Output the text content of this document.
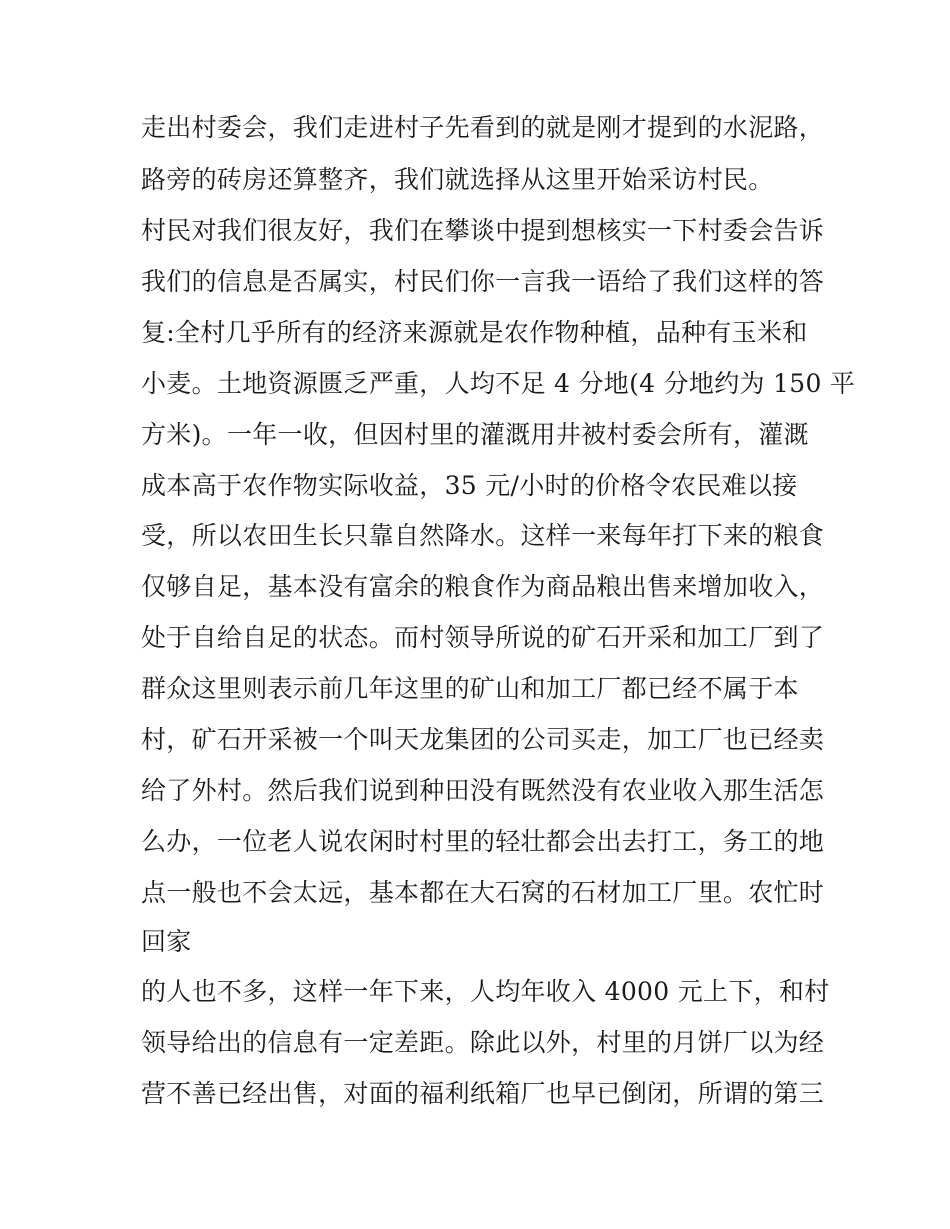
走出村委会，我们走进村子先看到的就是刚才提到的水泥路，
路旁的砖房还算整齐，我们就选择从这里开始采访村民。
村民对我们很友好，我们在攀谈中提到想核实一下村委会告诉
我们的信息是否属实，村民们你一言我一语给了我们这样的答
复:全村几乎所有的经济来源就是农作物种植，品种有玉米和
小麦。土地资源匮乏严重，人均不足 4 分地(4 分地约为 150 平
方米)。一年一收，但因村里的灌溉用井被村委会所有，灌溉
成本高于农作物实际收益，35 元/小时的价格令农民难以接
受，所以农田生长只靠自然降水。这样一来每年打下来的粮食
仅够自足，基本没有富余的粮食作为商品粮出售来增加收入，
处于自给自足的状态。而村领导所说的矿石开采和加工厂到了
群众这里则表示前几年这里的矿山和加工厂都已经不属于本
村，矿石开采被一个叫天龙集团的公司买走，加工厂也已经卖
给了外村。然后我们说到种田没有既然没有农业收入那生活怎
么办，一位老人说农闲时村里的轻壮都会出去打工，务工的地
点一般也不会太远，基本都在大石窝的石材加工厂里。农忙时
回家
的人也不多，这样一年下来，人均年收入 4000 元上下，和村
领导给出的信息有一定差距。除此以外，村里的月饼厂以为经
营不善已经出售，对面的福利纸箱厂也早已倒闭，所谓的第三
